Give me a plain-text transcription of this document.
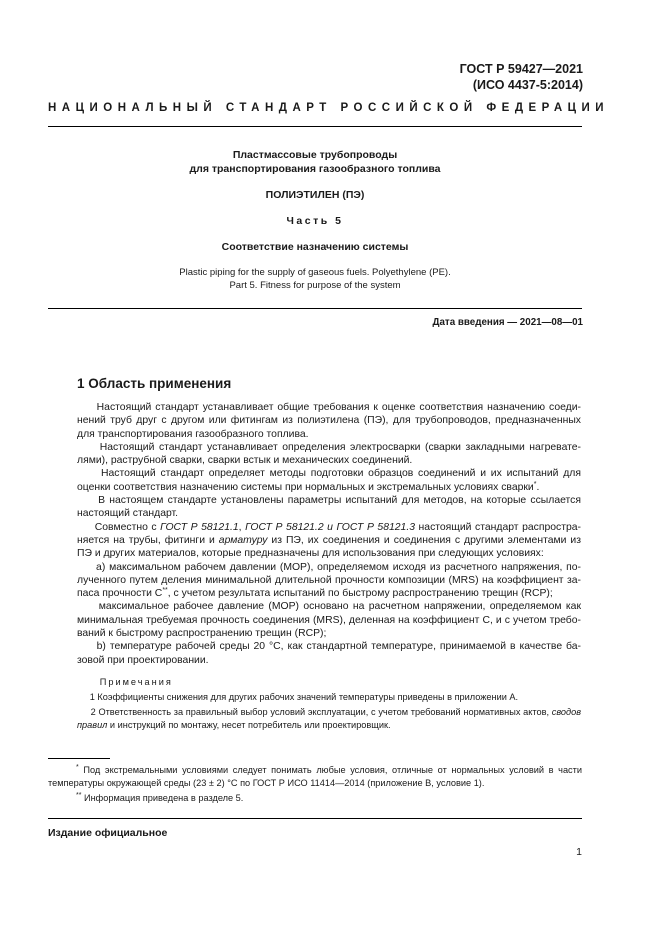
ГОСТ Р 59427—2021
(ИСО 4437-5:2014)
НАЦИОНАЛЬНЫЙ СТАНДАРТ РОССИЙСКОЙ ФЕДЕРАЦИИ
Пластмассовые трубопроводы
для транспортирования газообразного топлива
ПОЛИЭТИЛЕН (ПЭ)
Часть 5
Соответствие назначению системы
Plastic piping for the supply of gaseous fuels. Polyethylene (PE).
Part 5. Fitness for purpose of the system
Дата введения — 2021—08—01
1 Область применения

Настоящий стандарт устанавливает общие требования к оценке соответствия назначению соеди-нений труб друг с другом или фитингам из полиэтилена (ПЭ), для трубопроводов, предназначенных для транспортирования газообразного топлива.

Настоящий стандарт устанавливает определения электросварки (сварки закладными нагревате-лями), раструбной сварки, сварки встык и механических соединений.

Настоящий стандарт определяет методы подготовки образцов соединений и их испытаний для оценки соответствия назначению системы при нормальных и экстремальных условиях сварки*.

В настоящем стандарте установлены параметры испытаний для методов, на которые ссылается настоящий стандарт.

Совместно с ГОСТ Р 58121.1, ГОСТ Р 58121.2 и ГОСТ Р 58121.3 настоящий стандарт распростра-няется на трубы, фитинги и арматуру из ПЭ, их соединения и соединения с другими элементами из ПЭ и других материалов, которые предназначены для использования при следующих условиях:

а) максимальном рабочем давлении (МОР), определяемом исходя из расчетного напряжения, по-лученного путем деления минимальной длительной прочности композиции (MRS) на коэффициент за-паса прочности С**, с учетом результата испытаний по быстрому распространению трещин (RCP);

максимальное рабочее давление (МОР) основано на расчетном напряжении, определяемом как минимальная требуемая прочность соединения (MRS), деленная на коэффициент С, и с учетом требо-ваний к быстрому распространению трещин (RCP);

b) температуре рабочей среды 20 °С, как стандартной температуре, принимаемой в качестве ба-зовой при проектировании.

Примечания

1 Коэффициенты снижения для других рабочих значений температуры приведены в приложении А.

2 Ответственность за правильный выбор условий эксплуатации, с учетом требований нормативных актов, сводов правил и инструкций по монтажу, несет потребитель или проектировщик.

* Под экстремальными условиями следует понимать любые условия, отличные от нормальных условий в части температуры окружающей среды (23 ± 2) °С по ГОСТ Р ИСО 11414—2014 (приложение В, условие 1).

** Информация приведена в разделе 5.

Издание официальное
1
